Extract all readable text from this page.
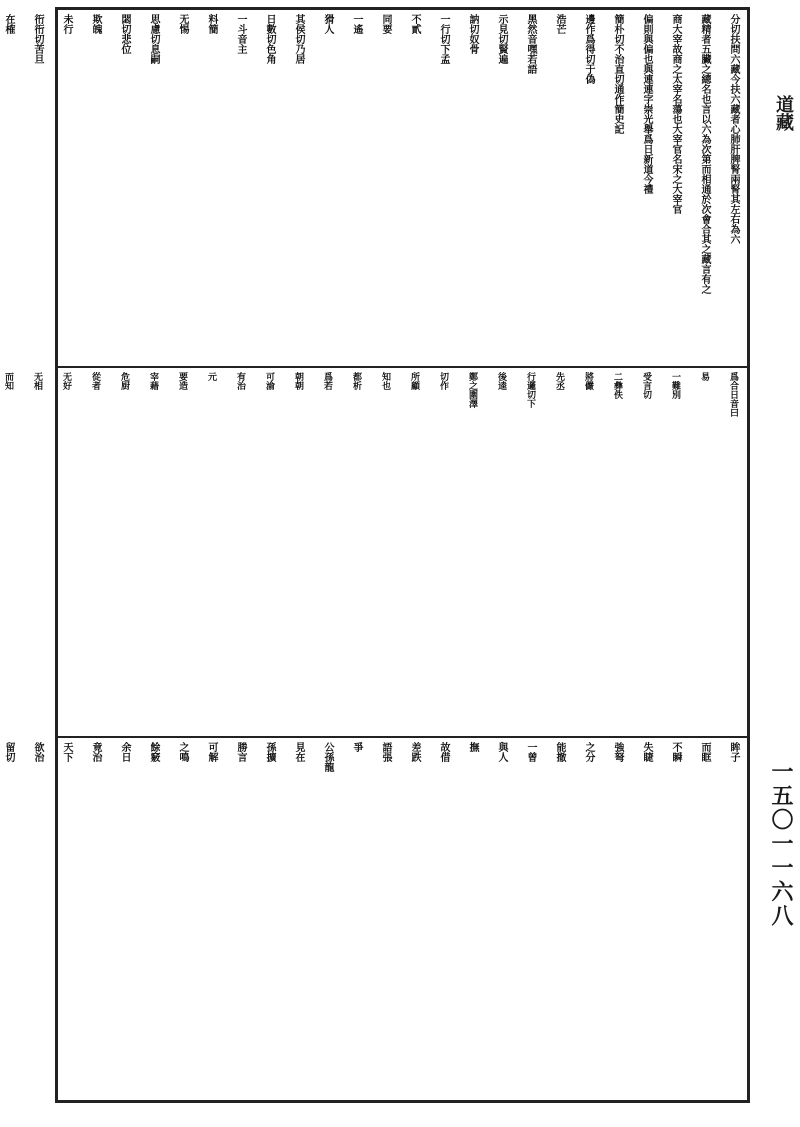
分切扶問六藏今扶六藏者心肺肝脾腎兩腎其左右為六
藏精者五臟之總名也言以六為次第而相通於次會合其之藏言有之
商大宰故商之太宰名蕩也大宰官名宋之大宰官
偏則與偏也與連連字崇光舉爲日新道今禮
簡朴切不治直切通作簡史記
邊作爲得切于偽
浩芒
黑然音嘿若語
示見切賢遍
訥切奴骨
一行切下孟
不貳
同要
一遙
猾人
其侯切乃居
日數切色角
一斗音主
料簡
无惕
思慮切息嗣
閟切悲位
欺魄
未行
衎衎切苦旦
在榷
爲合日音曰
易
一難別
受言切
二彝佚
將儼
先丞
行邏切下
後逵
鄭之圍澤
切作
所顧
知也
都析
爲若
朝朝
可渝
有治
元
要造
宰藉
危厨
從者
无好
无相
而知
眸子
而眶
不瞬
失睫
強弩
之分
能撤
一曾
與人
撫
故借
差跌
語張
爭
公孫龍
見在
孫擴
勝言
可解
之鳴
餘竅
余日
竟治
天下
欲治
留切
道藏
一五〇一一六八
